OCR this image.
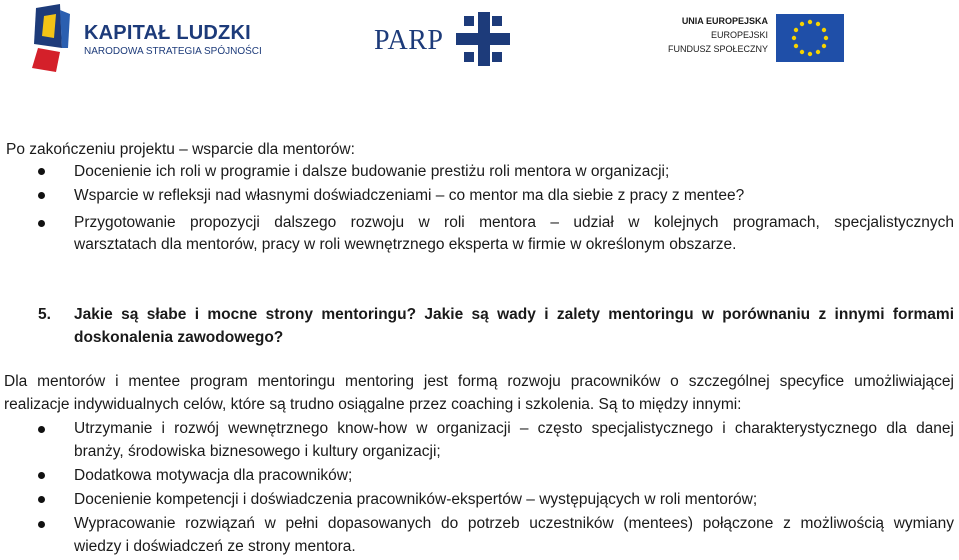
KAPITAŁ LUDZKI
NARODOWA STRATEGIA SPÓJNOŚCI	PARP
UNIA EUROPEJSKA
EUROPEJSKI
FUNDUSZ SPOŁECZNY
Po zakończeniu projektu – wsparcie dla mentorów:
Docenienie ich roli w programie i dalsze budowanie prestiżu roli mentora w organizacji;
Wsparcie w refleksji nad własnymi doświadczeniami – co mentor ma dla siebie z pracy z mentee?
Przygotowanie propozycji dalszego rozwoju w roli mentora – udział w kolejnych programach, specjalistycznych
warsztatach dla mentorów, pracy w roli wewnętrznego eksperta w firmie w określonym obszarze.
5. Jakie są słabe i mocne strony mentoringu? Jakie są wady i zalety mentoringu w porównaniu z innymi formami
doskonalenia zawodowego?
Dla mentorów i mentee program mentoringu mentoring jest formą rozwoju pracowników o szczególnej specyfice umożliwiającej
realizacje indywidualnych celów, które są trudno osiągalne przez coaching i szkolenia. Są to między innymi:
Utrzymanie i rozwój wewnętrznego know-how w organizacji – często specjalistycznego i charakterystycznego dla danej
branży, środowiska biznesowego i kultury organizacji;
Dodatkowa motywacja dla pracowników;
Docenienie kompetencji i doświadczenia pracowników-ekspertów – występujących w roli mentorów;
Wypracowanie rozwiązań w pełni dopasowanych do potrzeb uczestników (mentees) połączone z możliwością wymiany
wiedzy i doświadczeń ze strony mentora.
